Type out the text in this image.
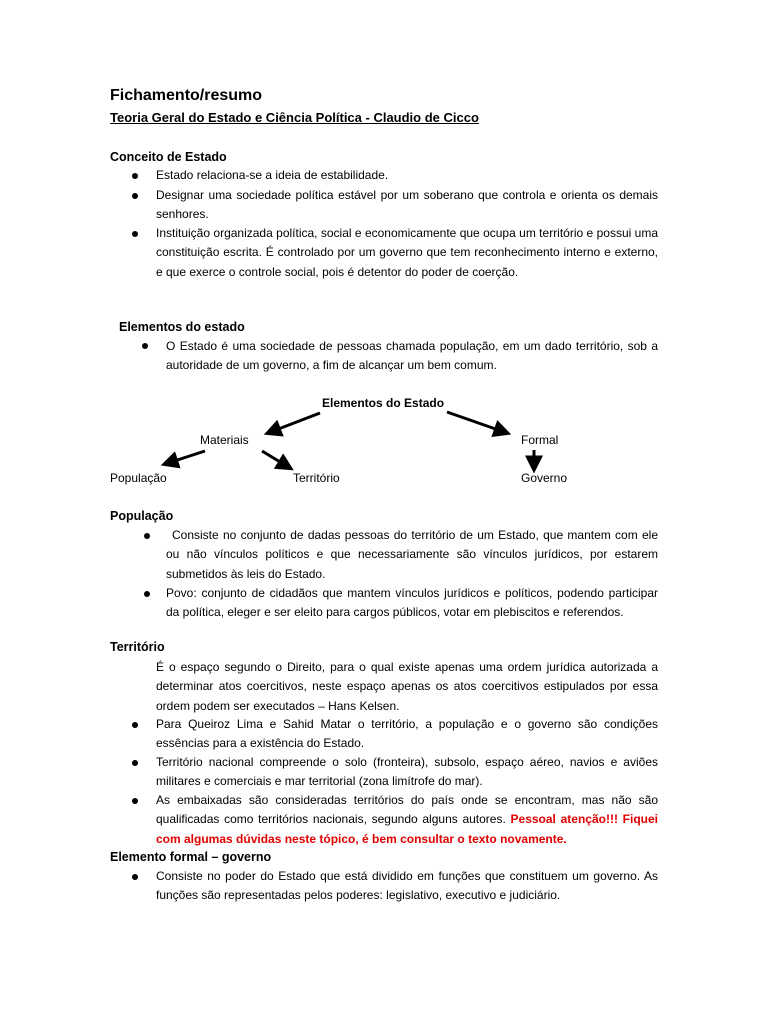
Fichamento/resumo
Teoria Geral do Estado e Ciência Política - Claudio de Cicco
Conceito de Estado
Estado relaciona-se a ideia de estabilidade.
Designar uma sociedade política estável por um soberano que controla e orienta os demais senhores.
Instituição organizada política, social e economicamente que ocupa um território e possui uma constituição escrita. É controlado por um governo que tem reconhecimento interno e externo, e que exerce o controle social, pois é detentor do poder de coerção.
Elementos do estado
O Estado é uma sociedade de pessoas chamada população, em um dado território, sob a autoridade de um governo, a fim de alcançar um bem comum.
Elementos do Estado
Materiais	Formal
População	Território	Governo
População
Consiste no conjunto de dadas pessoas do território de um Estado, que mantem com ele ou não vínculos políticos e que necessariamente são vínculos jurídicos, por estarem submetidos às leis do Estado.
Povo: conjunto de cidadãos que mantem vínculos jurídicos e políticos, podendo participar da política, eleger e ser eleito para cargos públicos, votar em plebiscitos e referendos.
Território
É o espaço segundo o Direito, para o qual existe apenas uma ordem jurídica autorizada a determinar atos coercitivos, neste espaço apenas os atos coercitivos estipulados por essa ordem podem ser executados – Hans Kelsen.
Para Queiroz Lima e Sahid Matar o território, a população e o governo são condições essências para a existência do Estado.
Território nacional compreende o solo (fronteira), subsolo, espaço aéreo, navios e aviões militares e comerciais e mar territorial (zona limítrofe do mar).
As embaixadas são consideradas territórios do país onde se encontram, mas não são qualificadas como territórios nacionais, segundo alguns autores. Pessoal atenção!!! Fiquei com algumas dúvidas neste tópico, é bem consultar o texto novamente.
Elemento formal – governo
Consiste no poder do Estado que está dividido em funções que constituem um governo. As funções são representadas pelos poderes: legislativo, executivo e judiciário.
